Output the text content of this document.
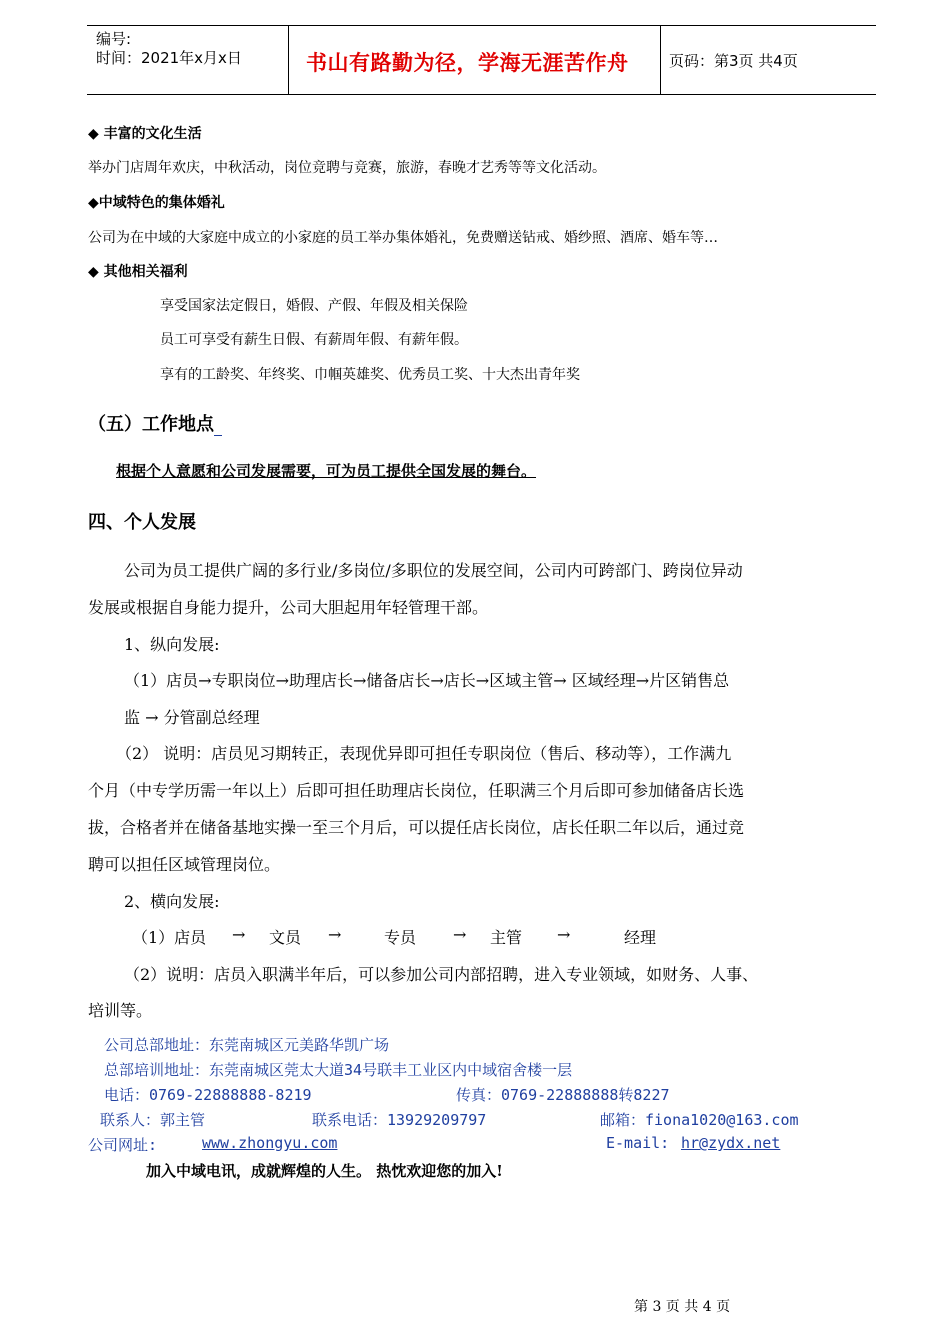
编号:
时间：2021年x月x日	书山有路勤为径，学海无涯苦作舟	页码：第3页 共4页
◆ 丰富的文化生活
举办门店周年欢庆，中秋活动，岗位竞聘与竞赛，旅游，春晚才艺秀等等文化活动。
◆中域特色的集体婚礼
公司为在中域的大家庭中成立的小家庭的员工举办集体婚礼，免费赠送钻戒、婚纱照、酒席、婚车等…
◆ 其他相关福利
享受国家法定假日，婚假、产假、年假及相关保险
员工可享受有薪生日假、有薪周年假、有薪年假。
享有的工龄奖、年终奖、巾帼英雄奖、优秀员工奖、十大杰出青年奖
（五）工作地点
根据个人意愿和公司发展需要，可为员工提供全国发展的舞台。
四、个人发展
公司为员工提供广阔的多行业/多岗位/多职位的发展空间，公司内可跨部门、跨岗位异动
发展或根据自身能力提升，公司大胆起用年轻管理干部。
1、纵向发展:
（1）店员→专职岗位→助理店长→储备店长→店长→区域主管→ 区域经理→片区销售总
监 → 分管副总经理
（2） 说明：店员见习期转正，表现优异即可担任专职岗位（售后、移动等），工作满九
个月（中专学历需一年以上）后即可担任助理店长岗位，任职满三个月后即可参加储备店长选
拔，合格者并在储备基地实操一至三个月后，可以提任店长岗位，店长任职二年以后，通过竞
聘可以担任区域管理岗位。
2、横向发展:
（1）店员 → 文员 →	专员 → 主管 →	经理
（2）说明：店员入职满半年后，可以参加公司内部招聘，进入专业领域，如财务、人事、
培训等。
公司总部地址：东莞南城区元美路华凯广场
总部培训地址：东莞南城区莞太大道34号联丰工业区内中域宿舍楼一层
电话：0769-22888888-8219	传真：0769-22888888转8227
联系人：郭主管	联系电话：13929209797	邮箱：fiona1020@163.com
公司网址:	www.zhongyu.com	E-mail: hr@zydx.net
加入中域电讯，成就辉煌的人生。 热忱欢迎您的加入!
第 3 页 共 4 页
